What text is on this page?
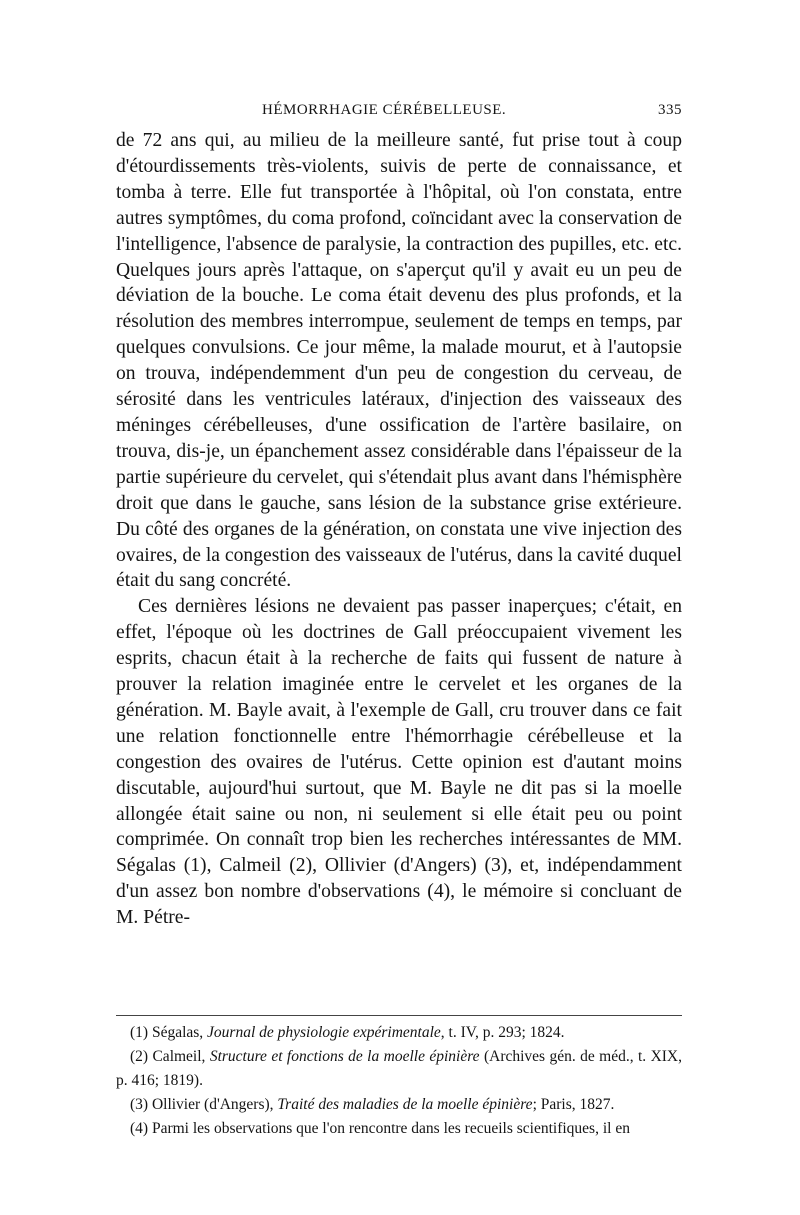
HÉMORRHAGIE CÉRÉBELLEUSE.	335

de 72 ans qui, au milieu de la meilleure santé, fut prise tout à coup d'étourdissements très-violents, suivis de perte de connaissance, et tomba à terre. Elle fut transportée à l'hôpital, où l'on constata, entre autres symptômes, du coma profond, coïncidant avec la conservation de l'intelligence, l'absence de paralysie, la contraction des pupilles, etc. etc. Quelques jours après l'attaque, on s'aperçut qu'il y avait eu un peu de déviation de la bouche. Le coma était devenu des plus profonds, et la résolution des membres interrompue, seulement de temps en temps, par quelques convulsions. Ce jour même, la malade mourut, et à l'autopsie on trouva, indépendemment d'un peu de congestion du cerveau, de sérosité dans les ventricules latéraux, d'injection des vaisseaux des méninges cérébelleuses, d'une ossification de l'artère basilaire, on trouva, dis-je, un épanchement assez considérable dans l'épaisseur de la partie supérieure du cervelet, qui s'étendait plus avant dans l'hémisphère droit que dans le gauche, sans lésion de la substance grise extérieure. Du côté des organes de la génération, on constata une vive injection des ovaires, de la congestion des vaisseaux de l'utérus, dans la cavité duquel était du sang concrété.

Ces dernières lésions ne devaient pas passer inaperçues; c'était, en effet, l'époque où les doctrines de Gall préoccupaient vivement les esprits, chacun était à la recherche de faits qui fussent de nature à prouver la relation imaginée entre le cervelet et les organes de la génération. M. Bayle avait, à l'exemple de Gall, cru trouver dans ce fait une relation fonctionnelle entre l'hémorrhagie cérébelleuse et la congestion des ovaires de l'utérus. Cette opinion est d'autant moins discutable, aujourd'hui surtout, que M. Bayle ne dit pas si la moelle allongée était saine ou non, ni seulement si elle était peu ou point comprimée. On connaît trop bien les recherches intéressantes de MM. Ségalas (1), Calmeil (2), Ollivier (d'Angers) (3), et, indépendamment d'un assez bon nombre d'observations (4), le mémoire si concluant de M. Pétre-

(1) Ségalas, Journal de physiologie expérimentale, t. IV, p. 293; 1824.

(2) Calmeil, Structure et fonctions de la moelle épinière (Archives gén. de méd., t. XIX, p. 416; 1819).

(3) Ollivier (d'Angers), Traité des maladies de la moelle épinière; Paris, 1827.

(4) Parmi les observations que l'on rencontre dans les recueils scientifiques, il en
